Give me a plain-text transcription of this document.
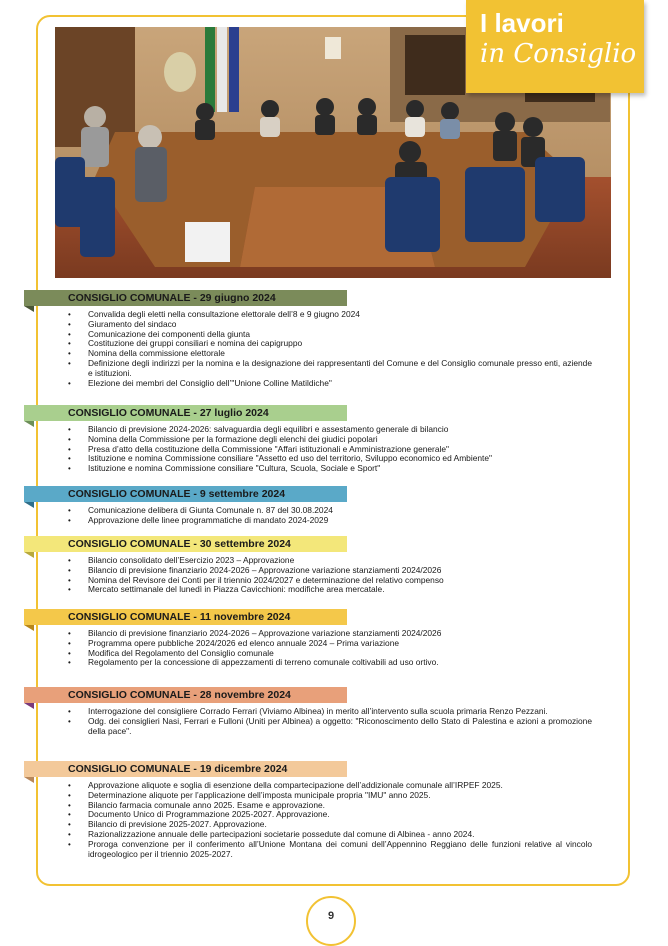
I lavori
in Consiglio
CONSIGLIO COMUNALE - 29 giugno 2024
• Convalida degli eletti nella consultazione elettorale dell’8 e 9 giugno 2024
• Giuramento del sindaco
• Comunicazione dei componenti della giunta
• Costituzione dei gruppi consiliari e nomina dei capigruppo
• Nomina della commissione elettorale
• Definizione degli indirizzi per la nomina e la designazione dei rappresentanti del Comune e del Consiglio comunale presso enti, aziende e istituzioni.
• Elezione dei membri del Consiglio dell’"Unione Colline Matildiche"
CONSIGLIO COMUNALE - 27 luglio 2024
• Bilancio di previsione 2024-2026: salvaguardia degli equilibri e assestamento generale di bilancio
• Nomina della Commissione per la formazione degli elenchi dei giudici popolari
• Presa d’atto della costituzione della Commissione "Affari istituzionali e Amministrazione generale"
• Istituzione e nomina Commissione consiliare "Assetto ed uso del territorio, Sviluppo economico ed Ambiente"
• Istituzione e nomina Commissione consiliare "Cultura, Scuola, Sociale e Sport"
CONSIGLIO COMUNALE - 9 settembre 2024
• Comunicazione delibera di Giunta Comunale n. 87 del 30.08.2024
• Approvazione delle linee programmatiche di mandato 2024-2029
CONSIGLIO COMUNALE - 30 settembre 2024
• Bilancio consolidato dell’Esercizio 2023 – Approvazione
• Bilancio di previsione finanziario 2024-2026 – Approvazione variazione stanziamenti 2024/2026
• Nomina del Revisore dei Conti per il triennio 2024/2027 e determinazione del relativo compenso
• Mercato settimanale del lunedì in Piazza Cavicchioni: modifiche area mercatale.
CONSIGLIO COMUNALE - 11 novembre 2024
• Bilancio di previsione finanziario 2024-2026 – Approvazione variazione stanziamenti 2024/2026
• Programma opere pubbliche 2024/2026 ed elenco annuale 2024 – Prima variazione
• Modifica del Regolamento del Consiglio comunale
• Regolamento per la concessione di appezzamenti di terreno comunale coltivabili ad uso ortivo.
CONSIGLIO COMUNALE - 28 novembre 2024
• Interrogazione del consigliere Corrado Ferrari (Viviamo Albinea) in merito all’intervento sulla scuola primaria Renzo Pezzani.
• Odg. dei consiglieri Nasi, Ferrari e Fulloni (Uniti per Albinea) a oggetto: "Riconoscimento dello Stato di Palestina e azioni a promozione della pace".
CONSIGLIO COMUNALE - 19 dicembre 2024
• Approvazione aliquote e soglia di esenzione della compartecipazione dell’addizionale comunale all’IRPEF 2025.
• Determinazione aliquote per l’applicazione dell’imposta municipale propria "IMU" anno 2025.
• Bilancio farmacia comunale anno 2025. Esame e approvazione.
• Documento Unico di Programmazione 2025-2027. Approvazione.
• Bilancio di previsione 2025-2027. Approvazione.
• Razionalizzazione annuale delle partecipazioni societarie possedute dal comune di Albinea - anno 2024.
• Proroga convenzione per il conferimento all’Unione Montana dei comuni dell’Appennino Reggiano delle funzioni relative al vincolo idrogeologico per il triennio 2025-2027.
9
